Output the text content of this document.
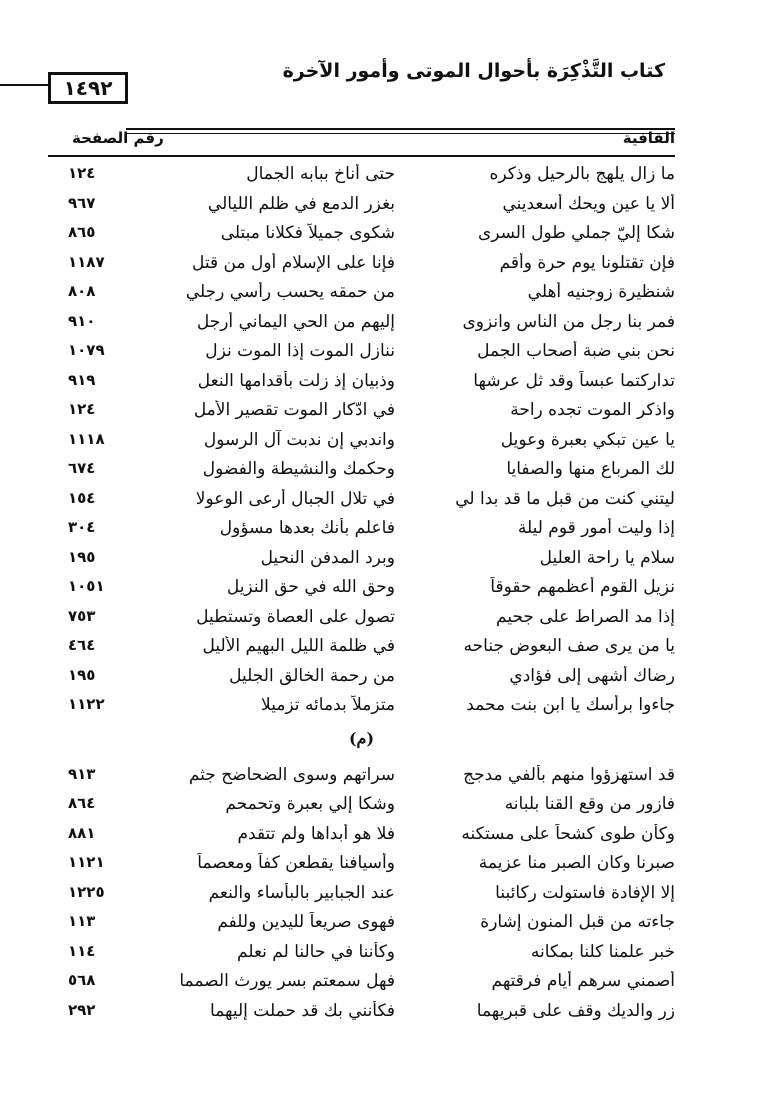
كتاب التَّذْكِرَة بأحوال الموتى وأمور الآخرة
١٤٩٢
القافية
رقم الصفحة
ما زال يلهج بالرحيل وذكره
حتى أناخ ببابه الجمال
١٢٤
ألا يا عين ويحك أسعديني
بغزر الدمع في ظلم الليالي
٩٦٧
شكا إليّ جملي طول السرى
شكوى جميلاً فكلانا مبتلى
٨٦٥
فإن تقتلونا يوم حرة وأقم
فإنا على الإسلام أول من قتل
١١٨٧
شنظيرة زوجنيه أهلي
من حمقه يحسب رأسي رجلي
٨٠٨
فمر بنا رجل من الناس وانزوى
إليهم من الحي اليماني أرجل
٩١٠
نحن بني ضبة أصحاب الجمل
ننازل الموت إذا الموت نزل
١٠٧٩
تداركتما عبساً وقد ثل عرشها
وذبيان إذ زلت بأقدامها النعل
٩١٩
واذكر الموت تجده راحة
في ادّكار الموت تقصير الأمل
١٢٤
يا عين تبكي بعبرة وعويل
واندبي إن ندبت آل الرسول
١١١٨
لك المرباع منها والصفايا
وحكمك والنشيطة والفضول
٦٧٤
ليتني كنت من قبل ما قد بدا لي
في تلال الجبال أرعى الوعولا
١٥٤
إذا وليت أمور قوم ليلة
فاعلم بأنك بعدها مسؤول
٣٠٤
سلام يا راحة العليل
وبرد المدفن النحيل
١٩٥
نزيل القوم أعظمهم حقوقاً
وحق الله في حق النزيل
١٠٥١
إذا مد الصراط على جحيم
تصول على العصاة وتستطيل
٧٥٣
يا من يرى صف البعوض جناحه
في ظلمة الليل البهيم الأليل
٤٦٤
رضاك أشهى إلى فؤادي
من رحمة الخالق الجليل
١٩٥
جاءوا برأسك يا ابن بنت محمد
متزملاً بدمائه تزميلا
١١٢٢
(م)
قد استهزؤوا منهم بألفي مدجج
سراتهم وسوى الضحاضح جثم
٩١٣
فازور من وقع القنا بلبانه
وشكا إلي بعبرة وتحمحم
٨٦٤
وكأن طوى كشحاً على مستكنه
فلا هو أبداها ولم تتقدم
٨٨١
صبرنا وكان الصبر منا عزيمة
وأسيافنا يقطعن كفاً ومعصماً
١١٢١
إلا الإفادة فاستولت ركائبنا
عند الجبابير بالبأساء والنعم
١٢٢٥
جاءته من قبل المنون إشارة
فهوى صريعاً لليدين وللفم
١١٣
خبر علمنا كلنا بمكانه
وكأننا في حالنا لم نعلم
١١٤
أصمني سرهم أيام فرقتهم
فهل سمعتم بسر يورث الصمما
٥٦٨
زر والديك وقف على قبريهما
فكأنني بك قد حملت إليهما
٢٩٢
